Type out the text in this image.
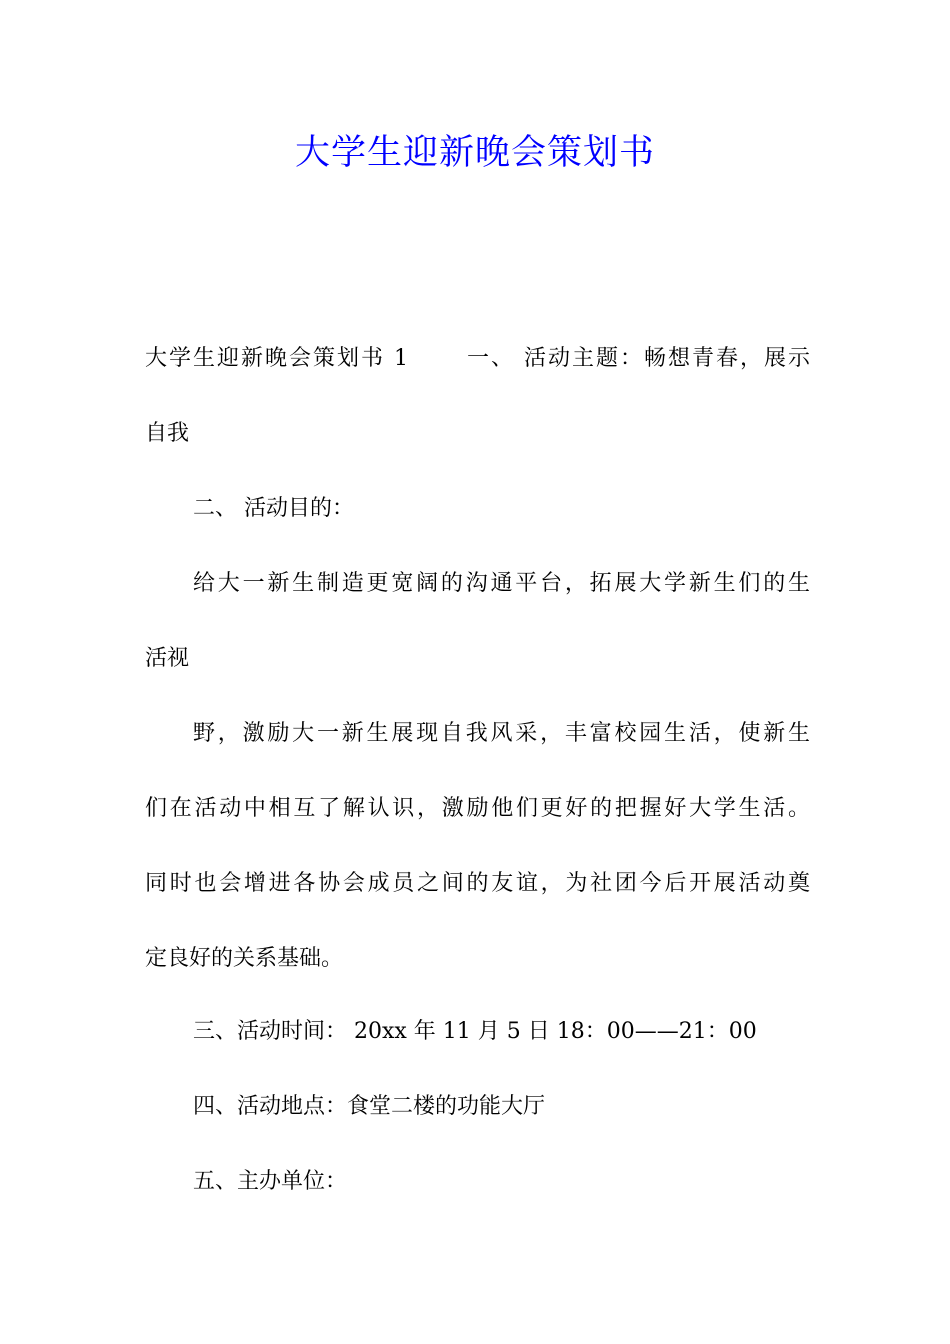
大学生迎新晚会策划书

大学生迎新晚会策划书 1　　 一、 活动主题：畅想青春，展示

自我

二、 活动目的：

给大一新生制造更宽阔的沟通平台，拓展大学新生们的生

活视

野，激励大一新生展现自我风采，丰富校园生活，使新生

们在活动中相互了解认识，激励他们更好的把握好大学生活。

同时也会增进各协会成员之间的友谊，为社团今后开展活动奠

定良好的关系基础。

三、活动时间： 20xx 年 11 月 5 日 18：00——21：00

四、活动地点：食堂二楼的功能大厅

五、主办单位：
